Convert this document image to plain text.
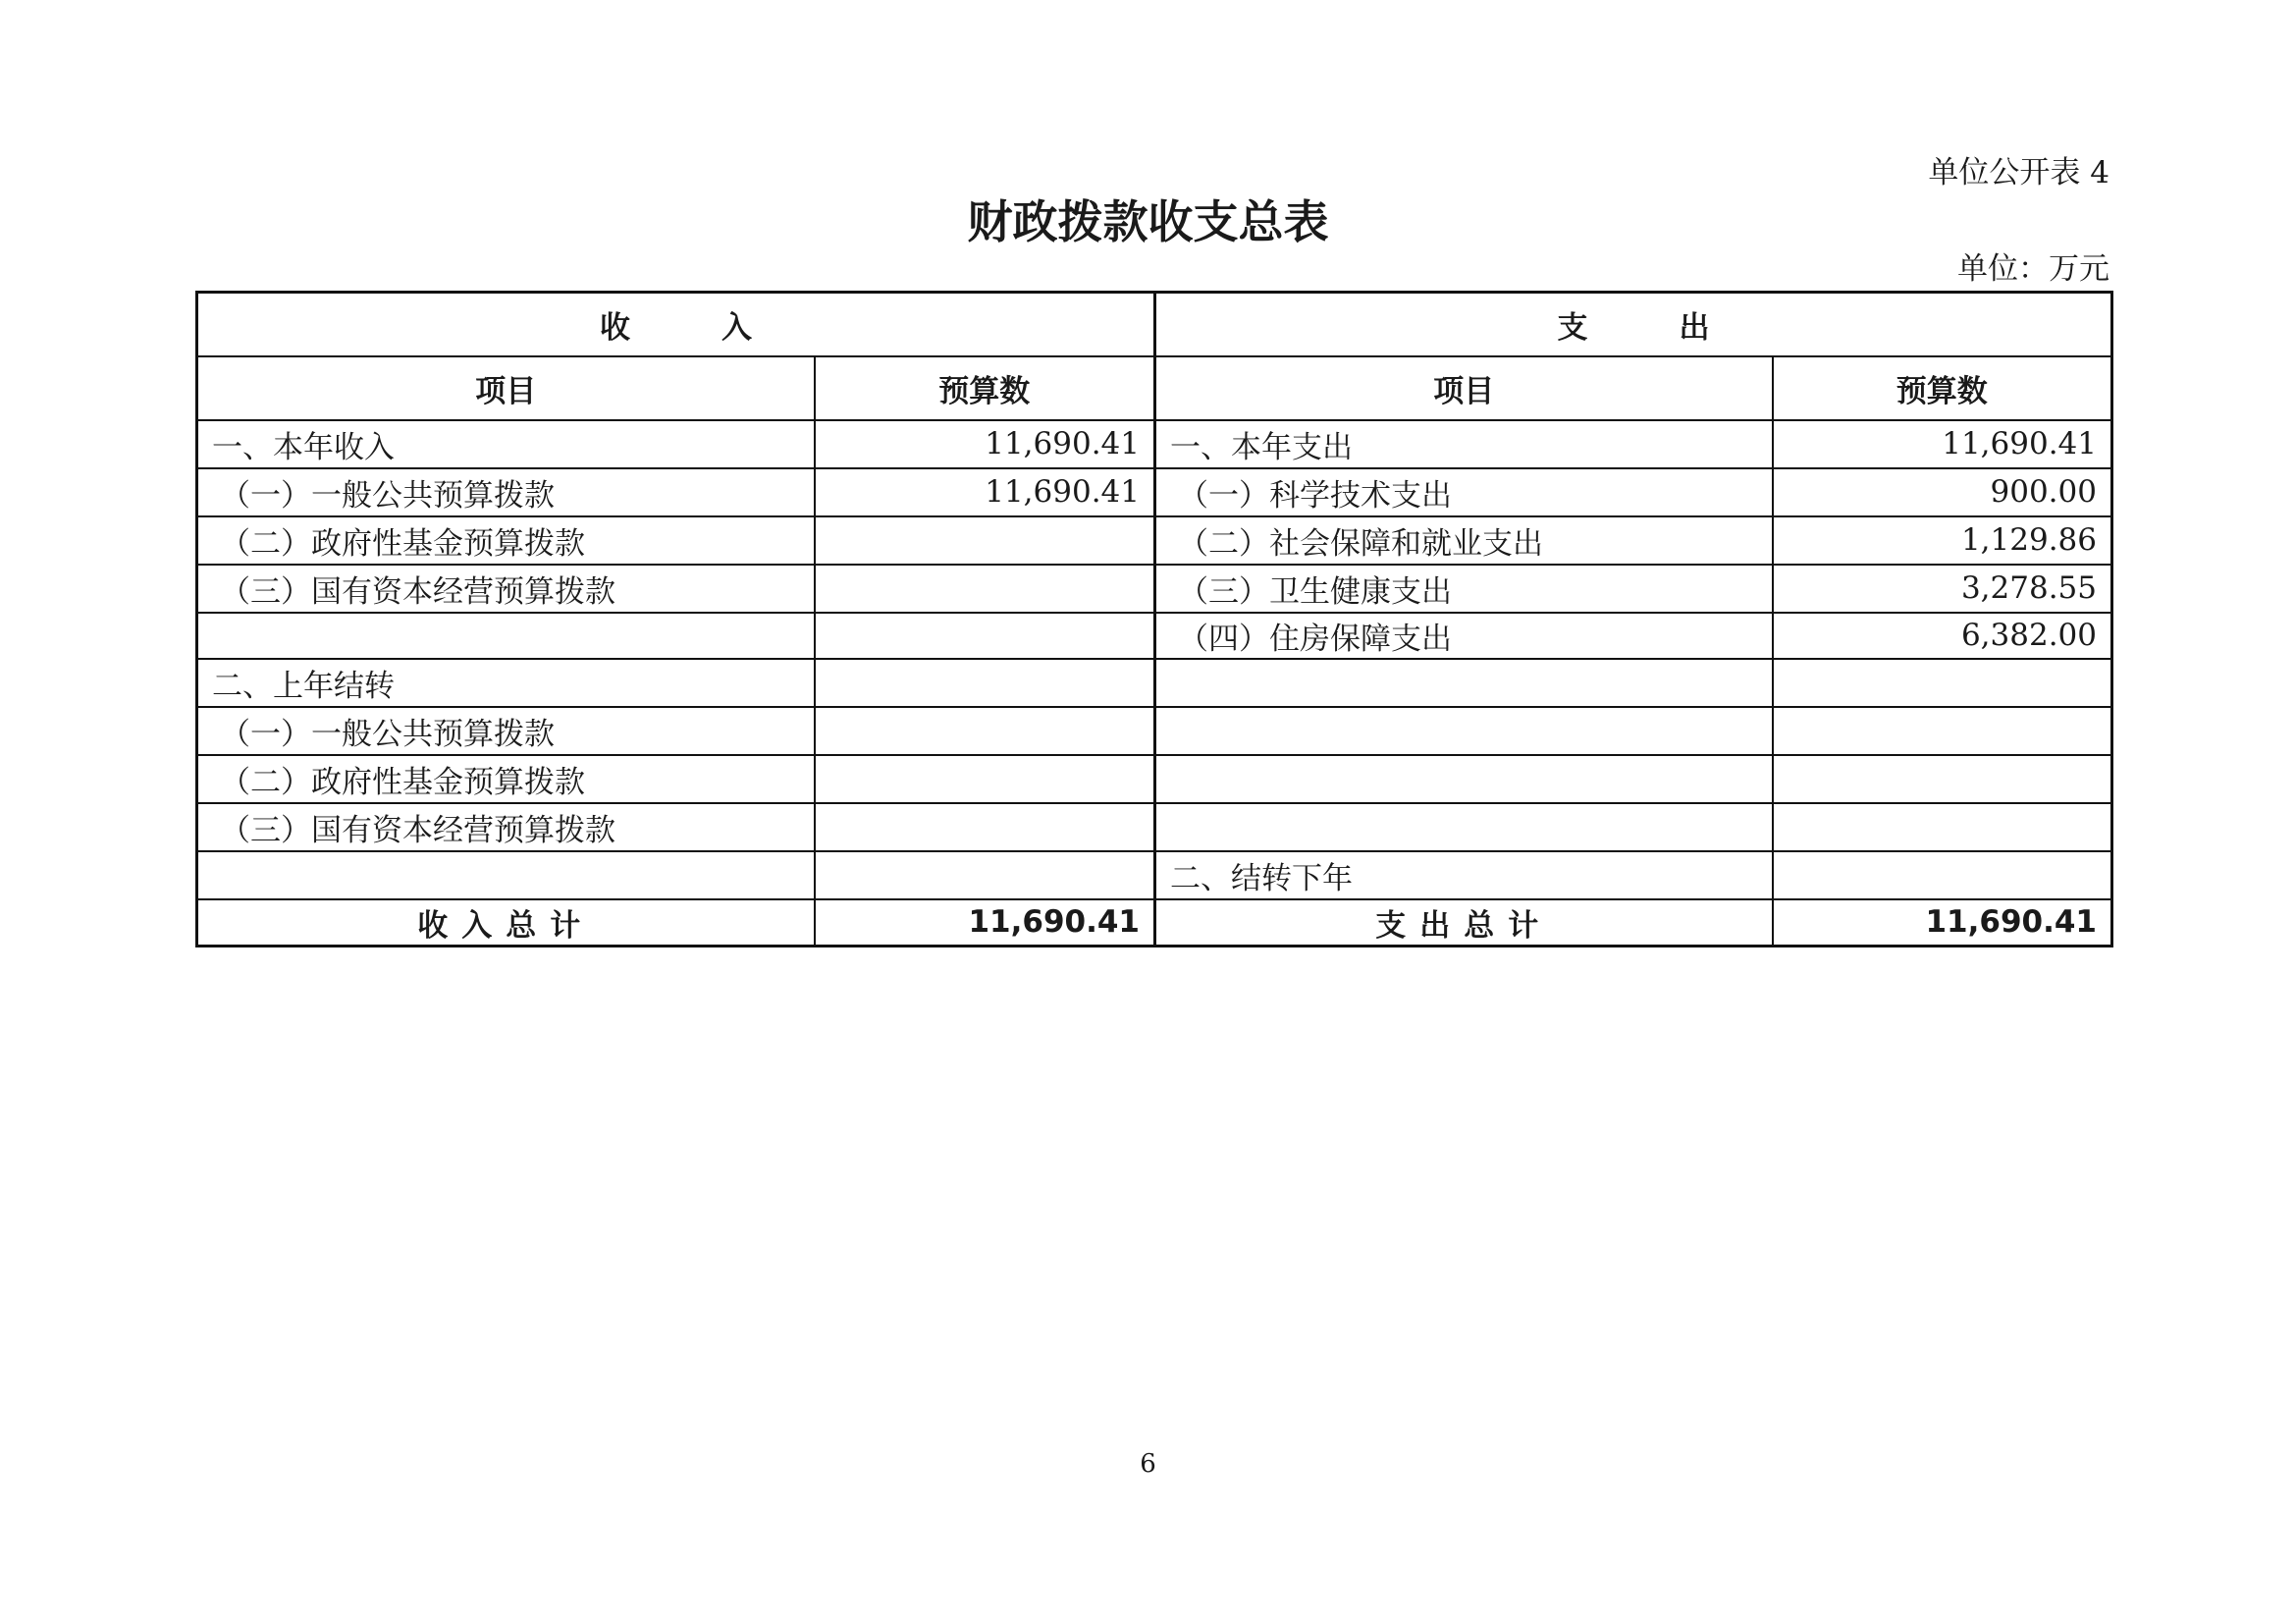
单位公开表 4
财政拨款收支总表
单位：万元
收　　　入		支　　　出	
项目	预算数	项目	预算数
一、本年收入	11,690.41	一、本年支出	11,690.41
（一）一般公共预算拨款	11,690.41	（一）科学技术支出	900.00
（二）政府性基金预算拨款		（二）社会保障和就业支出	1,129.86
（三）国有资本经营预算拨款		（三）卫生健康支出	3,278.55
		（四）住房保障支出	6,382.00
二、上年结转			
（一）一般公共预算拨款			
（二）政府性基金预算拨款			
（三）国有资本经营预算拨款			
		二、结转下年	
收入总计	11,690.41	支出总计	11,690.41
6
